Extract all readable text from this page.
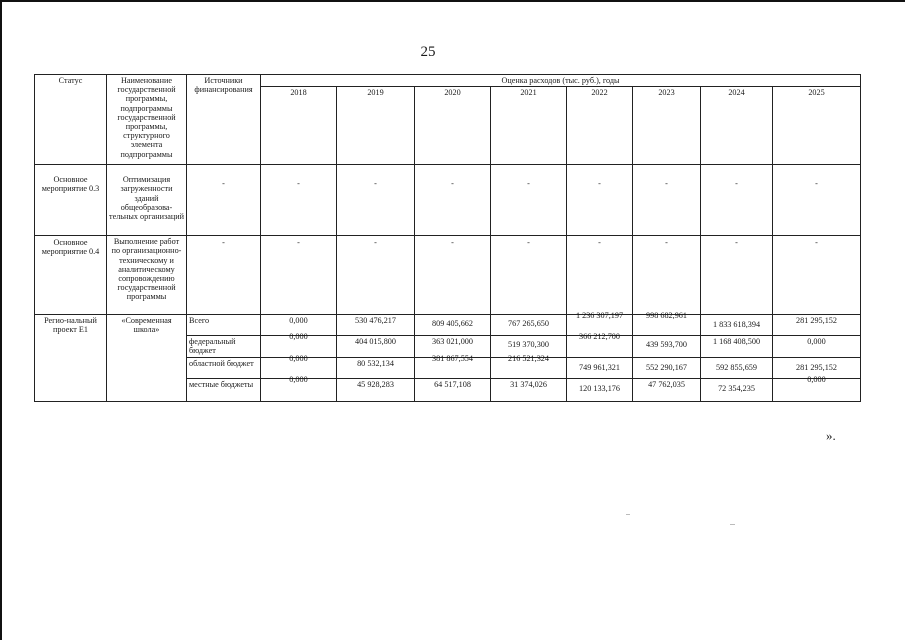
25
Статус	Наименование государственной программы, подпрограммы государственной программы, структурного элемента подпрограммы	Источники финансирования	Оценка расходов (тыс. руб.), годы							
			2018	2019	2020	2021	2022	2023	2024	2025
Основное мероприятие 0.3	Оптимизация загруженности зданий общеобразова-тельных организаций	-	-	-	-	-	-	-	-	-
Основное мероприятие 0.4	Выполнение работ по организационно-техническому и аналитическому сопровождению государственной программы	-	-	-	-	-	-	-	-	-
Регио-нальный проект E1	«Современная школа»	Всего	0,000	530 476,217	809 405,662	767 265,650	1 236 307,197	998 682,961	1 833 618,394	281 295,152
		федеральный бюджет	0,000	404 015,800	363 021,000	519 370,300	366 212,700	439 593,700	1 168 408,500	0,000
		областной бюджет	0,000	80 532,134	381 867,554	216 521,324	749 961,321	552 290,167	592 855,659	281 295,152
		местные бюджеты	0,000	45 928,283	64 517,108	31 374,026	120 133,176	47 762,035	72 354,235	0,000
».
